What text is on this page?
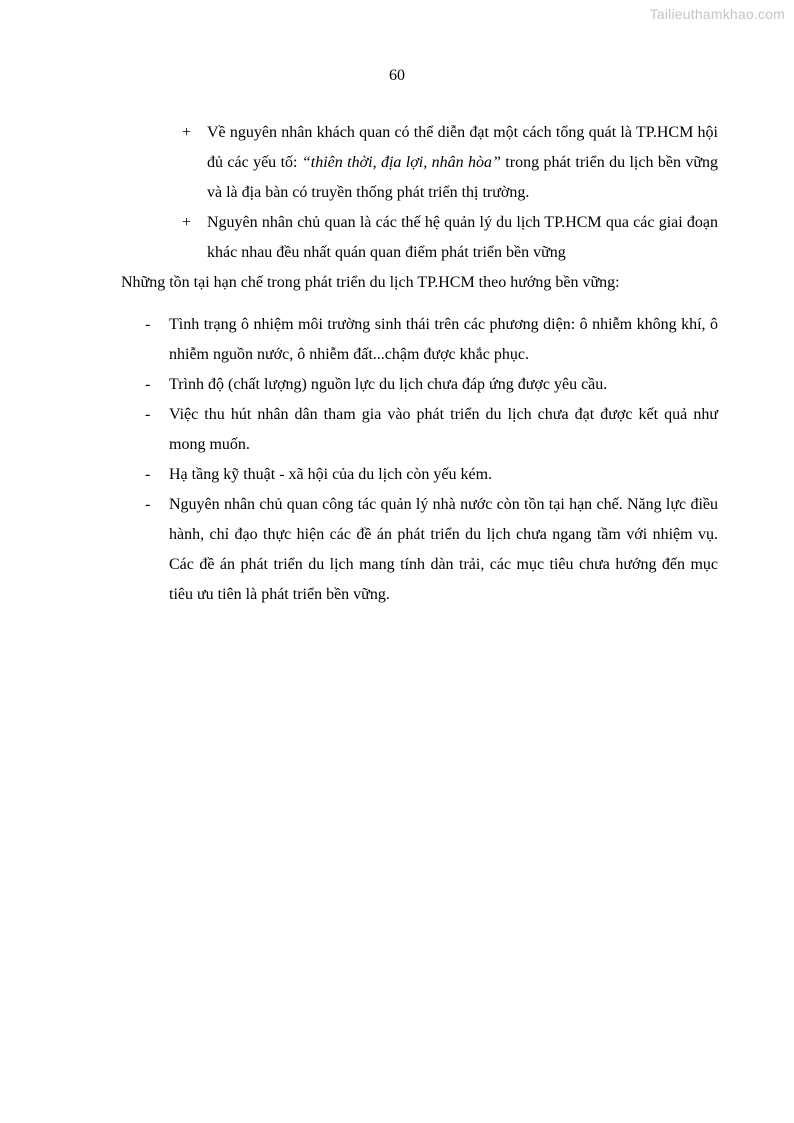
Tailieuthamkhao.com
60
+ Về nguyên nhân khách quan có thể diễn đạt một cách tổng quát là TP.HCM hội đủ các yếu tố: “thiên thời, địa lợi, nhân hòa” trong phát triển du lịch bền vững và là địa bàn có truyền thống phát triển thị trường.
+ Nguyên nhân chủ quan là các thế hệ quản lý du lịch TP.HCM qua các giai đoạn khác nhau đều nhất quán quan điểm phát triển bền vững

Những tồn tại hạn chế trong phát triển du lịch TP.HCM theo hướng bền vững:

- Tình trạng ô nhiệm môi trường sinh thái trên các phương diện: ô nhiễm không khí, ô nhiễm nguồn nước, ô nhiễm đất...chậm được khắc phục.
- Trình độ (chất lượng) nguồn lực du lịch chưa đáp ứng được yêu cầu.
- Việc thu hút nhân dân tham gia vào phát triển du lịch chưa đạt được kết quả như mong muốn.
- Hạ tầng kỹ thuật - xã hội của du lịch còn yếu kém.
- Nguyên nhân chủ quan công tác quản lý nhà nước còn tồn tại hạn chế. Năng lực điều hành, chỉ đạo thực hiện các đề án phát triển du lịch chưa ngang tầm với nhiệm vụ. Các đề án phát triển du lịch mang tính dàn trải, các mục tiêu chưa hướng đến mục tiêu ưu tiên là phát triển bền vững.
